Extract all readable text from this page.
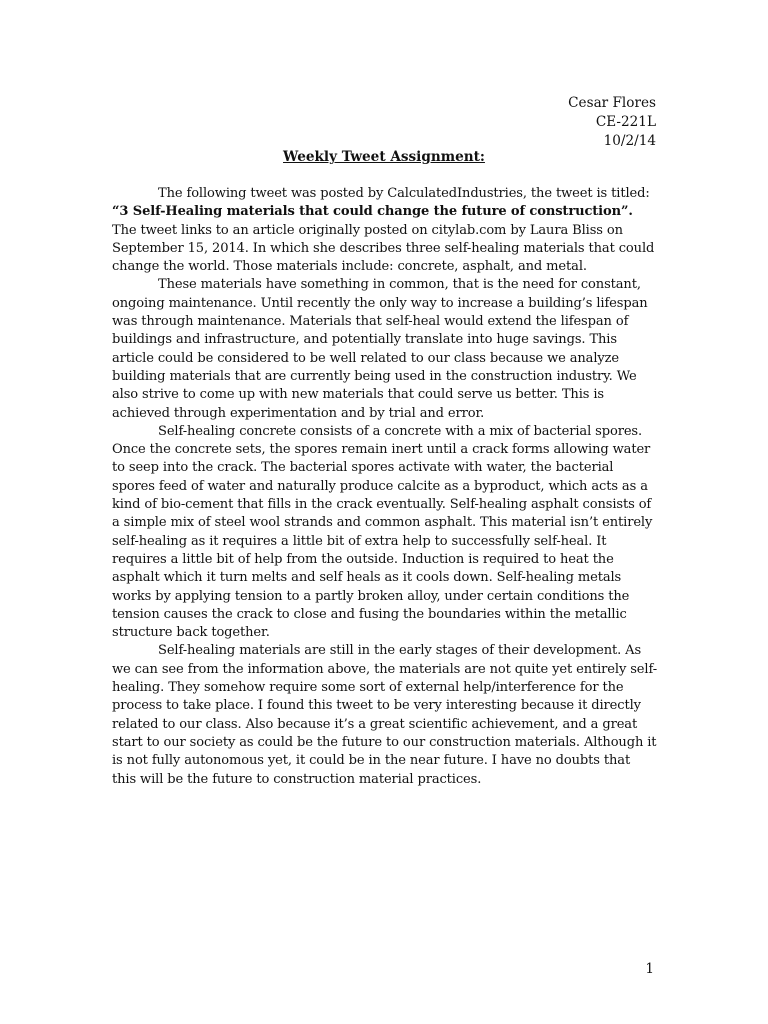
Cesar Flores
CE-221L
10/2/14
Weekly Tweet Assignment:

The following tweet was posted by CalculatedIndustries, the tweet is titled: “3 Self-Healing materials that could change the future of construction”. The tweet links to an article originally posted on citylab.com by Laura Bliss on September 15, 2014. In which she describes three self-healing materials that could change the world. Those materials include: concrete, asphalt, and metal.

These materials have something in common, that is the need for constant, ongoing maintenance. Until recently the only way to increase a building’s lifespan was through maintenance. Materials that self-heal would extend the lifespan of buildings and infrastructure, and potentially translate into huge savings. This article could be considered to be well related to our class because we analyze building materials that are currently being used in the construction industry. We also strive to come up with new materials that could serve us better. This is achieved through experimentation and by trial and error.

Self-healing concrete consists of a concrete with a mix of bacterial spores. Once the concrete sets, the spores remain inert until a crack forms allowing water to seep into the crack. The bacterial spores activate with water, the bacterial spores feed of water and naturally produce calcite as a byproduct, which acts as a kind of bio-cement that fills in the crack eventually. Self-healing asphalt consists of a simple mix of steel wool strands and common asphalt. This material isn’t entirely self-healing as it requires a little bit of extra help to successfully self-heal. It requires a little bit of help from the outside. Induction is required to heat the asphalt which it turn melts and self heals as it cools down. Self-healing metals works by applying tension to a partly broken alloy, under certain conditions the tension causes the crack to close and fusing the boundaries within the metallic structure back together.

Self-healing materials are still in the early stages of their development. As we can see from the information above, the materials are not quite yet entirely self-healing. They somehow require some sort of external help/interference for the process to take place. I found this tweet to be very interesting because it directly related to our class. Also because it’s a great scientific achievement, and a great start to our society as could be the future to our construction materials. Although it is not fully autonomous yet, it could be in the near future. I have no doubts that this will be the future to construction material practices.

1
